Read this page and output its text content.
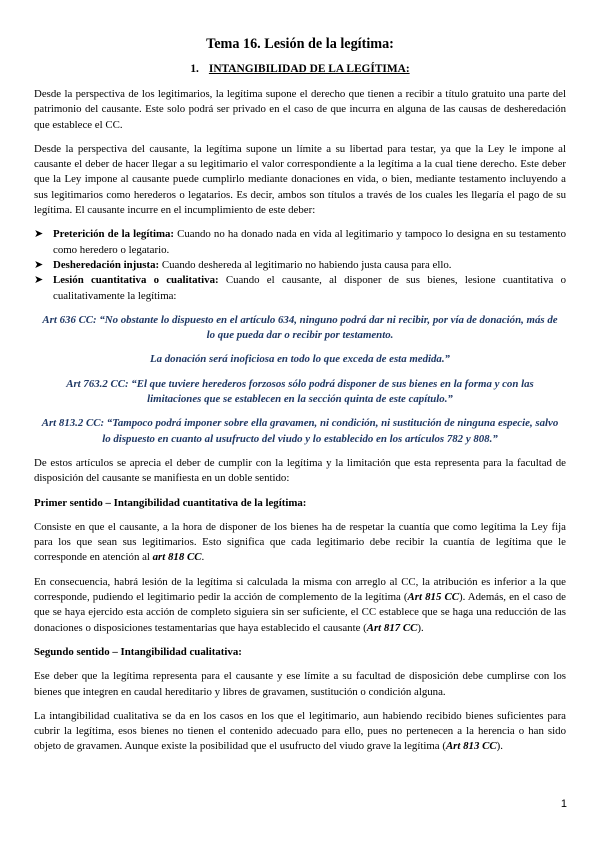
Tema 16. Lesión de la legítima:
1. INTANGIBILIDAD DE LA LEGÍTIMA:

Desde la perspectiva de los legitimarios, la legítima supone el derecho que tienen a recibir a título gratuito una parte del patrimonio del causante. Este solo podrá ser privado en el caso de que incurra en alguna de las causas de desheredación que establece el CC.

Desde la perspectiva del causante, la legítima supone un límite a su libertad para testar, ya que la Ley le impone al causante el deber de hacer llegar a su legitimario el valor correspondiente a la legítima a la cual tiene derecho. Este deber que la Ley impone al causante puede cumplirlo mediante donaciones en vida, o bien, mediante testamento incluyendo a sus legitimarios como herederos o legatarios. Es decir, ambos son títulos a través de los cuales les llegaría el pago de su legítima. El causante incurre en el incumplimiento de este deber:

➤ Preterición de la legítima: Cuando no ha donado nada en vida al legitimario y tampoco lo designa en su testamento como heredero o legatario.
➤ Desheredación injusta: Cuando deshereda al legitimario no habiendo justa causa para ello.
➤ Lesión cuantitativa o cualitativa: Cuando el causante, al disponer de sus bienes, lesione cuantitativa o cualitativamente la legítima:
Art 636 CC: “No obstante lo dispuesto en el artículo 634, ninguno podrá dar ni recibir, por vía de donación, más de lo que pueda dar o recibir por testamento.
La donación será inoficiosa en todo lo que exceda de esta medida.”
Art 763.2 CC: “El que tuviere herederos forzosos sólo podrá disponer de sus bienes en la forma y con las limitaciones que se establecen en la sección quinta de este capítulo.”
Art 813.2 CC: “Tampoco podrá imponer sobre ella gravamen, ni condición, ni sustitución de ninguna especie, salvo lo dispuesto en cuanto al usufructo del viudo y lo establecido en los artículos 782 y 808.”

De estos artículos se aprecia el deber de cumplir con la legítima y la limitación que esta representa para la facultad de disposición del causante se manifiesta en un doble sentido:

Primer sentido – Intangibilidad cuantitativa de la legítima:

Consiste en que el causante, a la hora de disponer de los bienes ha de respetar la cuantía que como legítima la Ley fija para los que sean sus legitimarios. Esto significa que cada legitimario debe recibir la cuantía de legítima que le corresponde en atención al art 818 CC.

En consecuencia, habrá lesión de la legítima si calculada la misma con arreglo al CC, la atribución es inferior a la que corresponde, pudiendo el legitimario pedir la acción de complemento de la legítima (Art 815 CC). Además, en el caso de que se haya ejercido esta acción de completo siguiera sin ser suficiente, el CC establece que se haga una reducción de las donaciones o disposiciones testamentarias que haya establecido el causante (Art 817 CC).

Segundo sentido – Intangibilidad cualitativa:

Ese deber que la legítima representa para el causante y ese límite a su facultad de disposición debe cumplirse con los bienes que integren en caudal hereditario y libres de gravamen, sustitución o condición alguna.

La intangibilidad cualitativa se da en los casos en los que el legitimario, aun habiendo recibido bienes suficientes para cubrir la legítima, esos bienes no tienen el contenido adecuado para ello, pues no pertenecen a la herencia o han sido objeto de gravamen. Aunque existe la posibilidad que el usufructo del viudo grave la legítima (Art 813 CC).

1
